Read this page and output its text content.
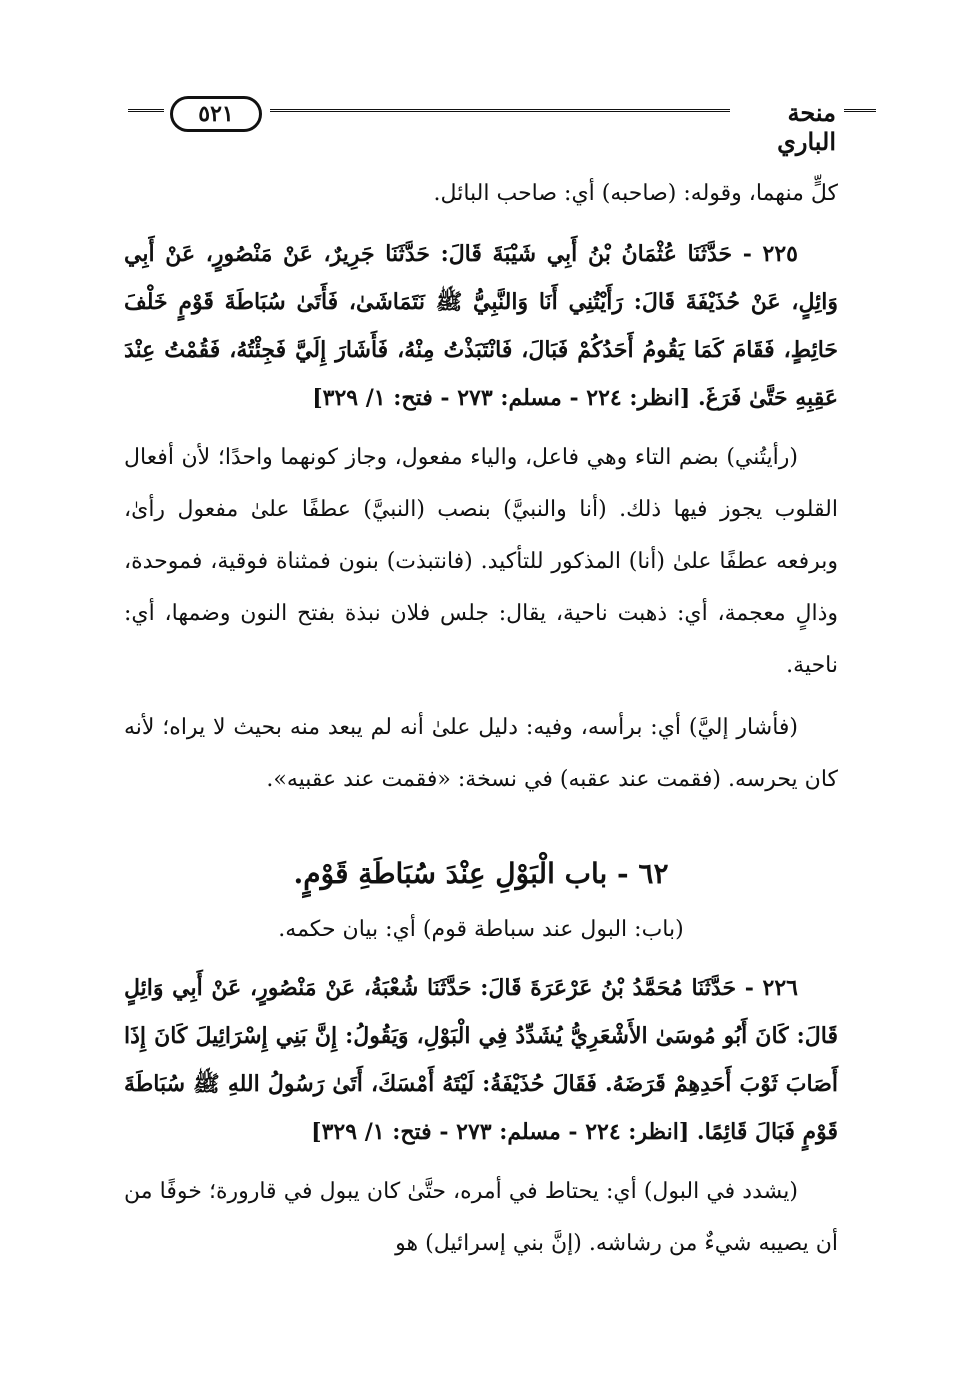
٥٢١	منحة الباري

كلٍّ منهما، وقوله: (صاحبه) أي: صاحب البائل.

٢٢٥ - حَدَّثَنَا عُثْمَانُ بْنُ أَبِي شَيْبَةَ قَالَ: حَدَّثَنَا جَرِيرٌ، عَنْ مَنْصُورٍ، عَنْ أَبِي وَائِلٍ، عَنْ حُذَيْفَةَ قَالَ: رَأَيْتُنِي أَنَا وَالنَّبِيُّ ﷺ نَتَمَاشَىٰ، فَأَتَىٰ سُبَاطَةَ قَوْمٍ خَلْفَ حَائِطٍ، فَقَامَ كَمَا يَقُومُ أَحَدُكُمْ فَبَالَ، فَانْتَبَذْتُ مِنْهُ، فَأَشَارَ إِلَيَّ فَجِئْتُهُ، فَقُمْتُ عِنْدَ عَقِبِهِ حَتَّىٰ فَرَغَ. [انظر: ٢٢٤ - مسلم: ٢٧٣ - فتح: ١/ ٣٢٩]

(رأيتُني) بضم التاء وهي فاعل، والياء مفعول، وجاز كونهما واحدًا؛ لأن أفعال القلوب يجوز فيها ذلك. (أنا والنبيَّ) بنصب (النبيَّ) عطفًا علىٰ مفعول رأىٰ، وبرفعه عطفًا علىٰ (أنا) المذكور للتأكيد. (فانتبذت) بنون فمثناة فوقية، فموحدة، وذالٍ معجمة، أي: ذهبت ناحية، يقال: جلس فلان نبذة بفتح النون وضمها، أي: ناحية.

(فأشار إليَّ) أي: برأسه، وفيه: دليل علىٰ أنه لم يبعد منه بحيث لا يراه؛ لأنه كان يحرسه. (فقمت عند عقبه) في نسخة: «فقمت عند عقبيه».

٦٢ - باب الْبَوْلِ عِنْدَ سُبَاطَةِ قَوْمٍ.

(باب: البول عند سباطة قوم) أي: بيان حكمه.

٢٢٦ - حَدَّثَنَا مُحَمَّدُ بْنُ عَرْعَرَةَ قَالَ: حَدَّثَنَا شُعْبَةُ، عَنْ مَنْصُورٍ، عَنْ أَبِي وَائِلٍ قَالَ: كَانَ أَبُو مُوسَىٰ الأَشْعَرِيُّ يُشَدِّدُ فِي الْبَوْلِ، وَيَقُولُ: إِنَّ بَنِي إِسْرَائِيلَ كَانَ إِذَا أَصَابَ ثَوْبَ أَحَدِهِمْ قَرَضَهُ. فَقَالَ حُذَيْفَةُ: لَيْتَهُ أَمْسَكَ، أَتَىٰ رَسُولُ اللهِ ﷺ سُبَاطَةَ قَوْمٍ فَبَالَ قَائِمًا. [انظر: ٢٢٤ - مسلم: ٢٧٣ - فتح: ١/ ٣٢٩]

(يشدد في البول) أي: يحتاط في أمره، حتَّىٰ كان يبول في قارورة؛ خوفًا من أن يصيبه شيءٌ من رشاشه. (إنَّ بني إسرائيل) هو
